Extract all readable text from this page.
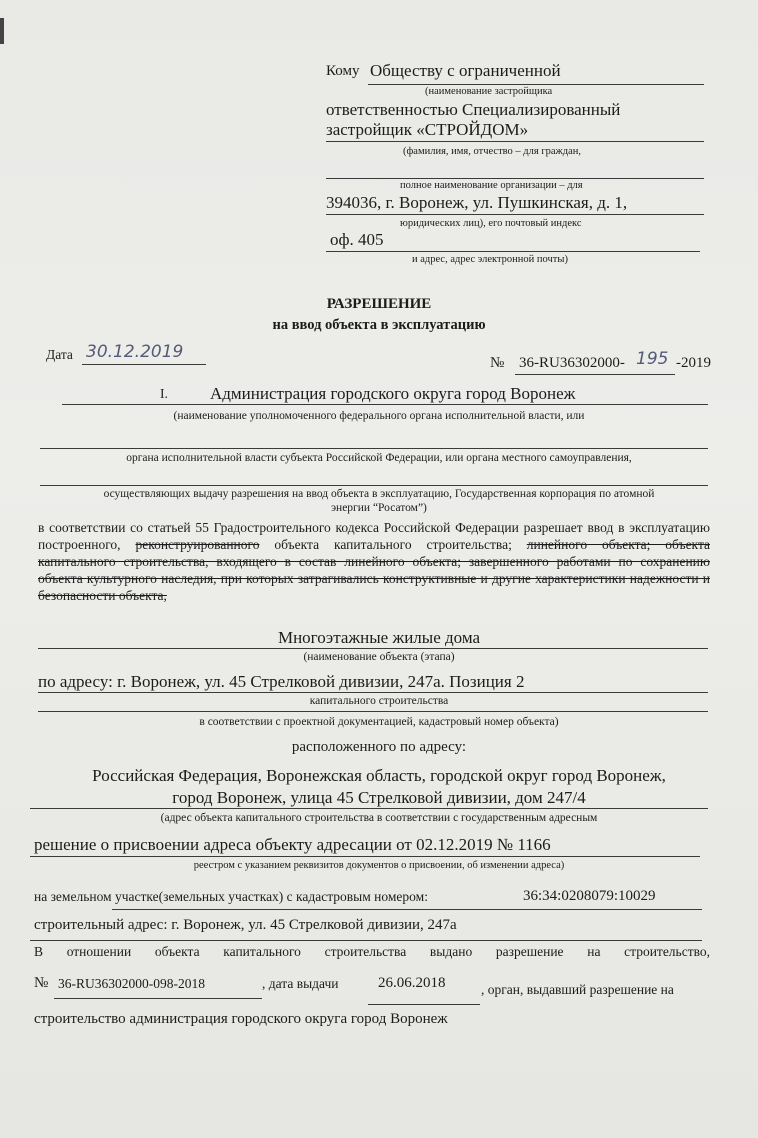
Кому Обществу с ограниченной
(наименование застройщика
ответственностью Специализированный
застройщик «СТРОЙДОМ»
(фамилия, имя, отчество – для граждан,
полное наименование организации – для
394036, г. Воронеж, ул. Пушкинская, д. 1,
юридических лиц), его почтовый индекс
оф. 405
и адрес, адрес электронной почты)
РАЗРЕШЕНИЕ
на ввод объекта в эксплуатацию
Дата 30.12.2019
№ 36-RU36302000- 195 -2019
I. Администрация городского округа город Воронеж
(наименование уполномоченного федерального органа исполнительной власти, или
органа исполнительной власти субъекта Российской Федерации, или органа местного самоуправления,
осуществляющих выдачу разрешения на ввод объекта в эксплуатацию, Государственная корпорация по атомной
энергии “Росатом”)
в соответствии со статьей 55 Градостроительного кодекса Российской Федерации разрешает ввод в эксплуатацию построенного, реконструированного объекта капитального строительства; линейного объекта; объекта капитального строительства, входящего в состав линейного объекта; завершенного работами по сохранению объекта культурного наследия, при которых затрагивались конструктивные и другие характеристики надежности и безопасности объекта,
Многоэтажные жилые дома
(наименование объекта (этапа)
по адресу: г. Воронеж, ул. 45 Стрелковой дивизии, 247а. Позиция 2
капитального строительства
в соответствии с проектной документацией, кадастровый номер объекта)
расположенного по адресу:
Российская Федерация, Воронежская область, городской округ город Воронеж,
город Воронеж, улица 45 Стрелковой дивизии, дом 247/4
(адрес объекта капитального строительства в соответствии с государственным адресным
решение о присвоении адреса объекту адресации от 02.12.2019 № 1166
реестром с указанием реквизитов документов о присвоении, об изменении адреса)
на земельном участке(земельных участках) с кадастровым номером:	36:34:0208079:10029
строительный адрес: г. Воронеж, ул. 45 Стрелковой дивизии, 247а
В отношении объекта капитального строительства выдано разрешение на строительство,
№ 36-RU36302000-098-2018	, дата выдачи	26.06.2018	, орган, выдавший разрешение на
строительство администрация городского округа город Воронеж
